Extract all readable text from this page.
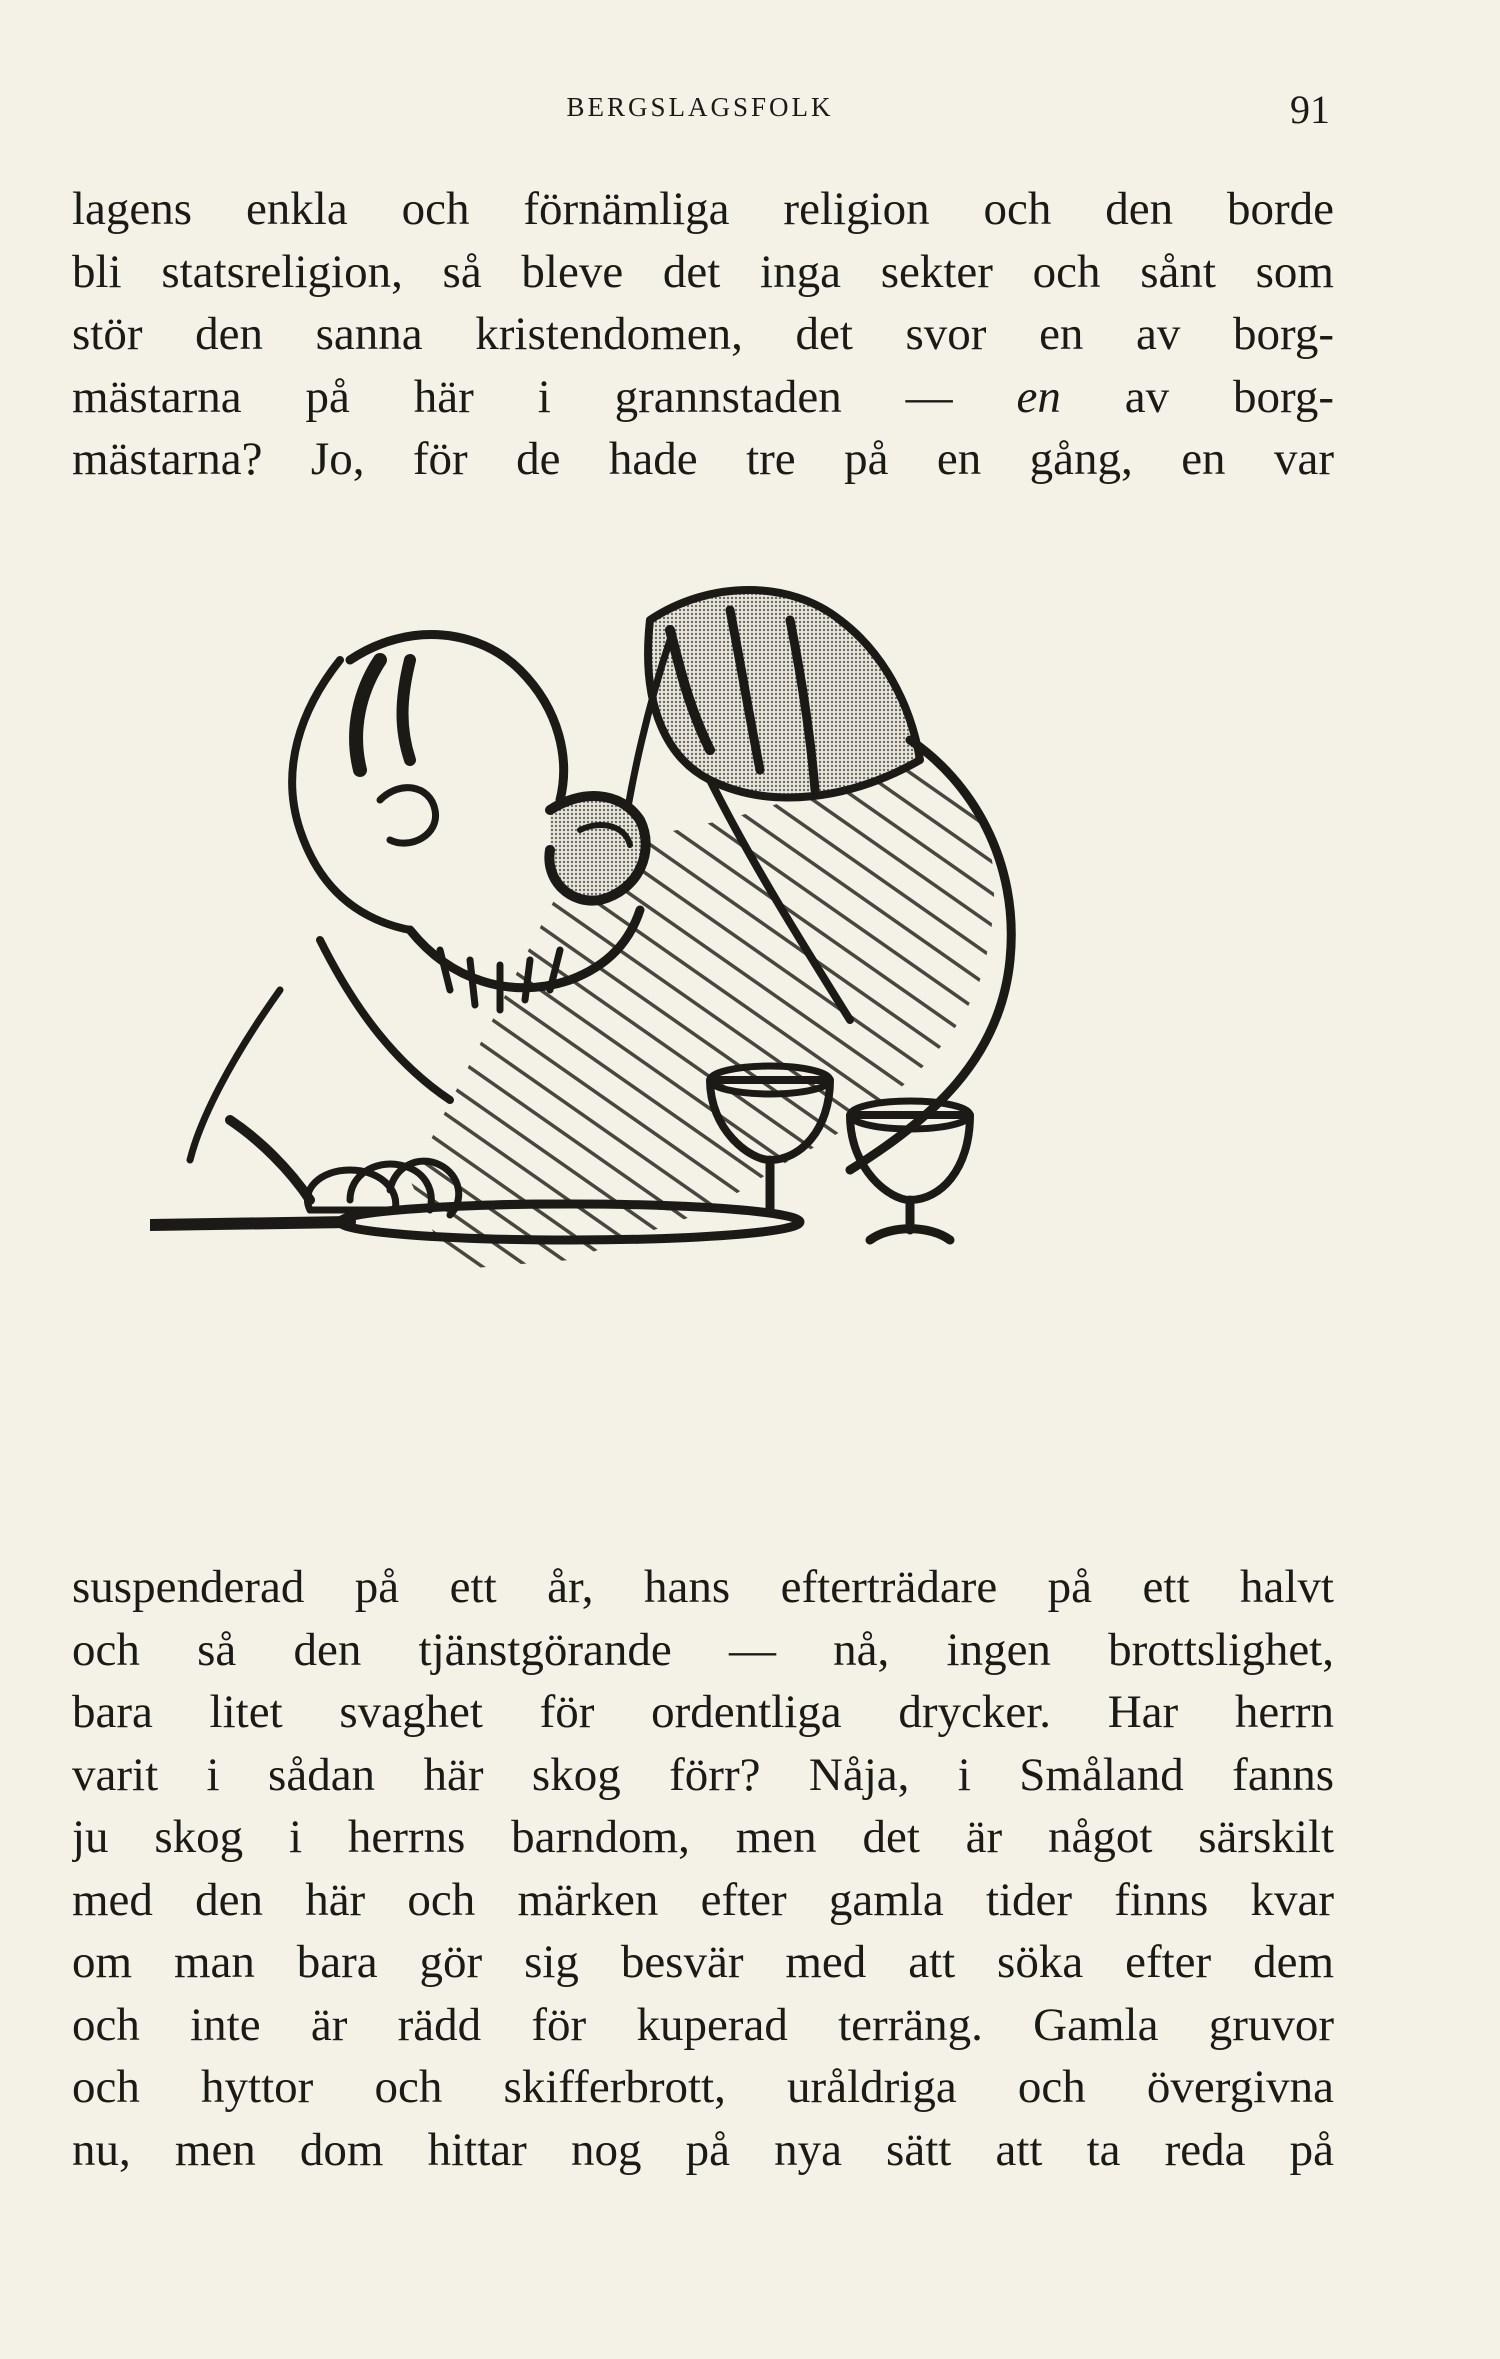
BERGSLAGSFOLK	91
lagens enkla och förnämliga religion och den borde
bli statsreligion, så bleve det inga sekter och sånt som
stör den sanna kristendomen, det svor en av borg-
mästarna på här i grannstaden — en av borg-
mästarna? Jo, för de hade tre på en gång, en var
suspenderad på ett år, hans efterträdare på ett halvt
och så den tjänstgörande — nå, ingen brottslighet,
bara litet svaghet för ordentliga drycker. Har herrn
varit i sådan här skog förr? Nåja, i Småland fanns
ju skog i herrns barndom, men det är något särskilt
med den här och märken efter gamla tider finns kvar
om man bara gör sig besvär med att söka efter dem
och inte är rädd för kuperad terräng. Gamla gruvor
och hyttor och skifferbrott, uråldriga och övergivna
nu, men dom hittar nog på nya sätt att ta reda på
